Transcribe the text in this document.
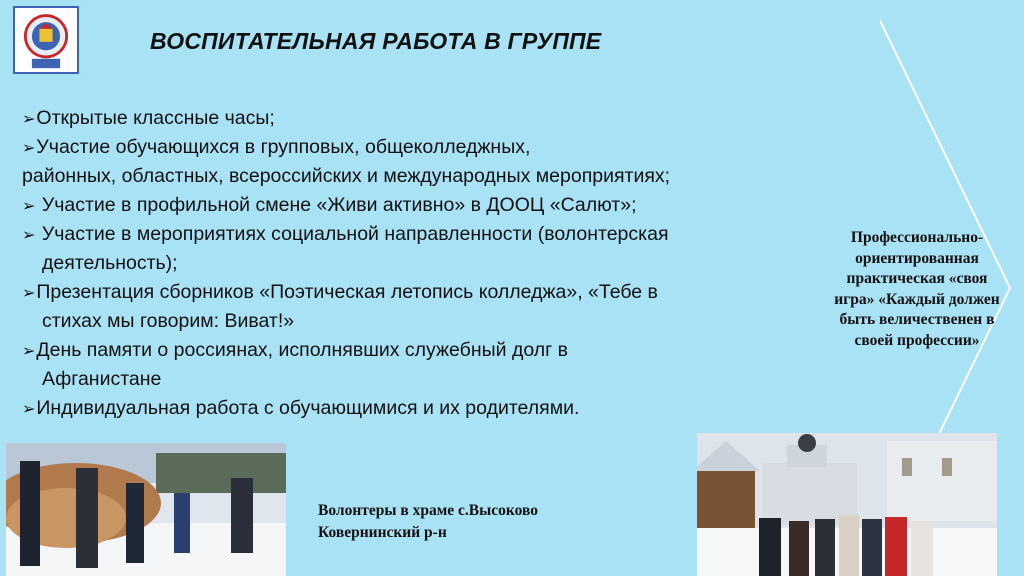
ВОСПИТАТЕЛЬНАЯ РАБОТА В ГРУППЕ

➢Открытые классные часы;

➢Участие обучающихся в групповых, общеколледжных,

районных, областных, всероссийских и международных мероприятиях;

➢ Участие в профильной смене «Живи активно» в ДООЦ «Салют»;

➢ Участие в мероприятиях социальной направленности (волонтерская

деятельность);

➢Презентация сборников «Поэтическая летопись колледжа», «Тебе в

стихах мы говорим: Виват!»

➢День памяти о россиянах, исполнявших служебный долг в

Афганистане

➢Индивидуальная работа с обучающимися и их родителями.

Профессионально-ориентированная практическая «своя игра» «Каждый должен быть величественен в своей профессии»
Волонтеры в храме с.Высоково
Ковернинский р-н
